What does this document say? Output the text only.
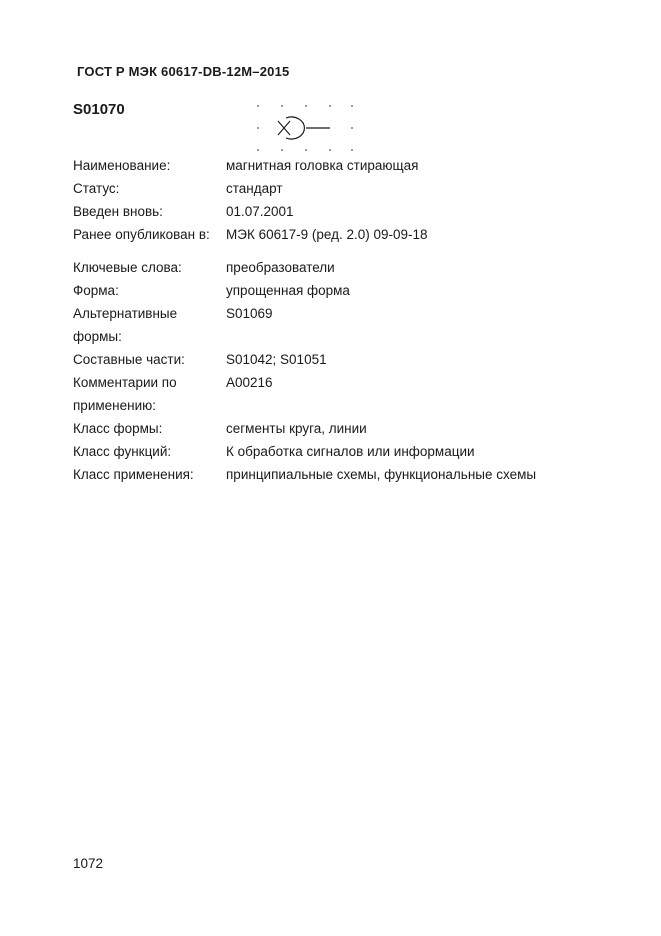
ГОСТ Р МЭК 60617-DB-12M–2015
S01070
Наименование:	магнитная головка стирающая
Статус:	стандарт
Введен вновь:	01.07.2001
Ранее опубликован в:	МЭК 60617-9 (ред. 2.0) 09-09-18
Ключевые слова:	преобразователи
Форма:	упрощенная форма
Альтернативные формы:
S01069
Составные части:	S01042; S01051
Комментарии по применению:
A00216
Класс формы:	сегменты круга, линии
Класс функций:	К обработка сигналов или информации
Класс применения:	принципиальные схемы, функциональные схемы
1072
